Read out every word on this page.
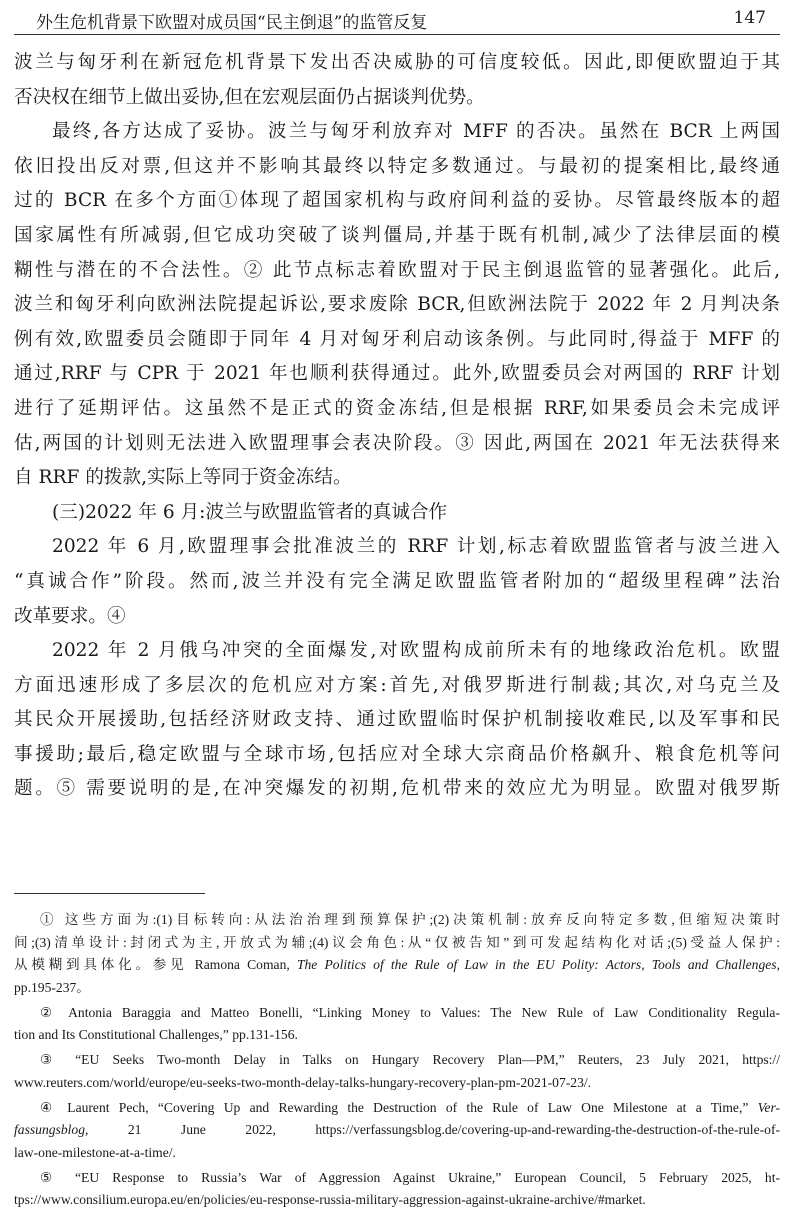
外生危机背景下欧盟对成员国“民主倒退”的监管反复	147
波兰与匈牙利在新冠危机背景下发出否决威胁的可信度较低。因此,即便欧盟迫于其
否决权在细节上做出妥协,但在宏观层面仍占据谈判优势。
最终,各方达成了妥协。波兰与匈牙利放弃对 MFF 的否决。虽然在 BCR 上两国
依旧投出反对票,但这并不影响其最终以特定多数通过。与最初的提案相比,最终通
过的 BCR 在多个方面①体现了超国家机构与政府间利益的妥协。尽管最终版本的超
国家属性有所减弱,但它成功突破了谈判僵局,并基于既有机制,减少了法律层面的模
糊性与潜在的不合法性。② 此节点标志着欧盟对于民主倒退监管的显著强化。此后,
波兰和匈牙利向欧洲法院提起诉讼,要求废除 BCR,但欧洲法院于 2022 年 2 月判决条
例有效,欧盟委员会随即于同年 4 月对匈牙利启动该条例。与此同时,得益于 MFF 的
通过,RRF 与 CPR 于 2021 年也顺利获得通过。此外,欧盟委员会对两国的 RRF 计划
进行了延期评估。这虽然不是正式的资金冻结,但是根据 RRF,如果委员会未完成评
估,两国的计划则无法进入欧盟理事会表决阶段。③ 因此,两国在 2021 年无法获得来
自 RRF 的拨款,实际上等同于资金冻结。
(三)2022 年 6 月:波兰与欧盟监管者的真诚合作
2022 年 6 月,欧盟理事会批准波兰的 RRF 计划,标志着欧盟监管者与波兰进入
“真诚合作”阶段。然而,波兰并没有完全满足欧盟监管者附加的“超级里程碑”法治
改革要求。④
2022 年 2 月俄乌冲突的全面爆发,对欧盟构成前所未有的地缘政治危机。欧盟
方面迅速形成了多层次的危机应对方案:首先,对俄罗斯进行制裁;其次,对乌克兰及
其民众开展援助,包括经济财政支持、通过欧盟临时保护机制接收难民,以及军事和民
事援助;最后,稳定欧盟与全球市场,包括应对全球大宗商品价格飙升、粮食危机等问
题。⑤ 需要说明的是,在冲突爆发的初期,危机带来的效应尤为明显。欧盟对俄罗斯
① 这些方面为:(1)目标转向:从法治治理到预算保护;(2)决策机制:放弃反向特定多数,但缩短决策时
间;(3)清单设计:封闭式为主,开放式为辅;(4)议会角色:从“仅被告知”到可发起结构化对话;(5)受益人保护:
从模糊到具体化。参见 Ramona Coman, The Politics of the Rule of Law in the EU Polity: Actors, Tools and Challenges,
pp.195-237。
② Antonia Baraggia and Matteo Bonelli, “Linking Money to Values: The New Rule of Law Conditionality Regula-
tion and Its Constitutional Challenges,” pp.131-156.
③ “EU Seeks Two-month Delay in Talks on Hungary Recovery Plan—PM,” Reuters, 23 July 2021, https://
www.reuters.com/world/europe/eu-seeks-two-month-delay-talks-hungary-recovery-plan-pm-2021-07-23/.
④ Laurent Pech, “Covering Up and Rewarding the Destruction of the Rule of Law One Milestone at a Time,” Ver-
fassungsblog, 21 June 2022, https://verfassungsblog.de/covering-up-and-rewarding-the-destruction-of-the-rule-of-
law-one-milestone-at-a-time/.
⑤ “EU Response to Russia’s War of Aggression Against Ukraine,” European Council, 5 February 2025, ht-
tps://www.consilium.europa.eu/en/policies/eu-response-russia-military-aggression-against-ukraine-archive/#market.
